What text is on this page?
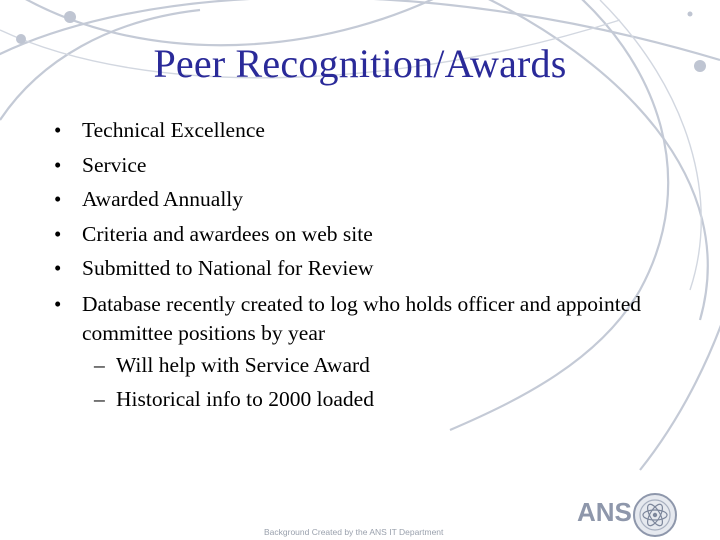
Peer Recognition/Awards
• Technical Excellence
• Service
• Awarded Annually
• Criteria and awardees on web site
• Submitted to National for Review
• Database recently created to log who holds officer and appointed committee positions by year
– Will help with Service Award
– Historical info to 2000 loaded
Background Created by the ANS IT Department
ANS
